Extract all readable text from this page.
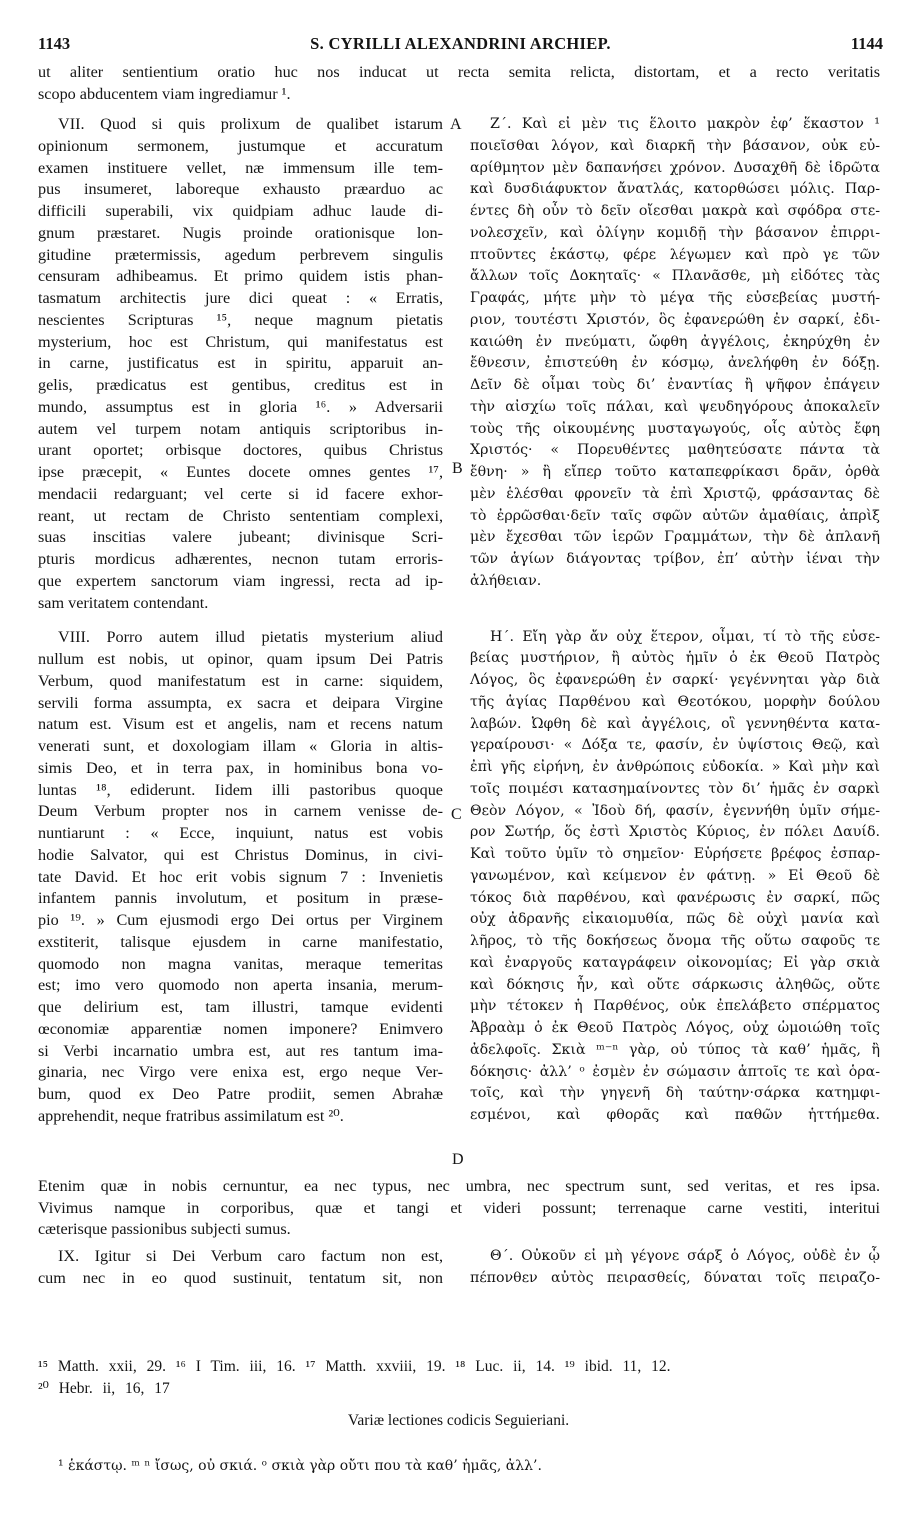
S. CYRILLI ALEXANDRINI ARCHIEP.
1143	1144
ut aliter sentientium oratio huc nos inducat ut recta semita relicta, distortam, et a recto veritatis
scopo abducentem viam ingrediamur ¹.
VII. Quod si quis prolixum de qualibet istarum
opinionum sermonem, justumque et accuratum
examen instituere vellet, næ immensum ille tem-
pus insumeret, laboreque exhausto præarduo ac
difficili superabili, vix quidpiam adhuc laude di-
gnum præstaret. Nugis proinde orationisque lon-
gitudine prætermissis, agedum perbrevem singulis
censuram adhibeamus. Et primo quidem istis phan-
tasmatum architectis jure dici queat : « Erratis,
nescientes Scripturas ¹⁵, neque magnum pietatis
mysterium, hoc est Christum, qui manifestatus est
in carne, justificatus est in spiritu, apparuit an-
gelis, prædicatus est gentibus, creditus est in
mundo, assumptus est in gloria ¹⁶. » Adversarii
autem vel turpem notam antiquis scriptoribus in-
urant oportet; orbisque doctores, quibus Christus
ipse præcepit, « Euntes docete omnes gentes ¹⁷,
mendacii redarguant; vel certe si id facere exhor-
reant, ut rectam de Christo sententiam complexi,
suas inscitias valere jubeant; divinisque Scri-
pturis mordicus adhærentes, necnon tutam erroris-
que expertem sanctorum viam ingressi, recta ad ip-
sam veritatem contendant.
VIII. Porro autem illud pietatis mysterium aliud
nullum est nobis, ut opinor, quam ipsum Dei Patris
Verbum, quod manifestatum est in carne: siquidem,
servili forma assumpta, ex sacra et deipara Virgine
natum est. Visum est et angelis, nam et recens natum
venerati sunt, et doxologiam illam « Gloria in altis-
simis Deo, et in terra pax, in hominibus bona vo-
luntas ¹⁸, ediderunt. Iidem illi pastoribus quoque
Deum Verbum propter nos in carnem venisse de-
nuntiarunt : « Ecce, inquiunt, natus est vobis
hodie Salvator, qui est Christus Dominus, in civi-
tate David. Et hoc erit vobis signum 7 : Invenietis
infantem pannis involutum, et positum in præse-
pio ¹⁹. » Cum ejusmodi ergo Dei ortus per Virginem
exstiterit, talisque ejusdem in carne manifestatio,
quomodo non magna vanitas, meraque temeritas
est; imo vero quomodo non aperta insania, merum-
que delirium est, tam illustri, tamque evidenti
œconomiæ apparentiæ nomen imponere? Enimvero
si Verbi incarnatio umbra est, aut res tantum ima-
ginaria, nec Virgo vere enixa est, ergo neque Ver-
bum, quod ex Deo Patre prodiit, semen Abrahæ
apprehendit, neque fratribus assimilatum est ²⁰.
Ζ΄. Καὶ εἰ μὲν τις ἕλοιτο μακρὸν ἐφ’ ἕκαστον ¹
ποιεῖσθαι λόγον, καὶ διαρκῆ τὴν βάσανον, οὐκ εὐ-
αρίθμητον μὲν δαπανήσει χρόνον. Δυσαχθῆ δὲ ἱδρῶτα
καὶ δυσδιάφυκτον ἄνατλάς, κατορθώσει μόλις. Παρ-
έντες δὴ οὖν τὸ δεῖν οἴεσθαι μακρὰ καὶ σφόδρα στε-
νολεσχεῖν, καὶ ὀλίγην κομιδῇ τὴν βάσανον ἐπιρρι-
πτοῦντες ἑκάστῳ, φέρε λέγωμεν καὶ πρὸ γε τῶν
ἄλλων τοῖς Δοκηταῖς· « Πλανᾶσθε, μὴ εἰδότες τὰς
Γραφάς, μήτε μὴν τὸ μέγα τῆς εὐσεβείας μυστή-
ριον, τουτέστι Χριστόν, ὃς ἐφανερώθη ἐν σαρκί, ἐδι-
καιώθη ἐν πνεύματι, ὤφθη ἀγγέλοις, ἐκηρύχθη ἐν
ἔθνεσιν, ἐπιστεύθη ἐν κόσμῳ, ἀνελήφθη ἐν δόξῃ.
Δεῖν δὲ οἶμαι τοὺς δι’ ἐναντίας ἢ ψῆφον ἐπάγειν
τὴν αἰσχίω τοῖς πάλαι, καὶ ψευδηγόρους ἀποκαλεῖν
τοὺς τῆς οἰκουμένης μυσταγωγούς, οἷς αὐτὸς ἔφη
Χριστός· « Πορευθέντες μαθητεύσατε πάντα τὰ
ἔθνη· » ἢ εἴπερ τοῦτο καταπεφρίκασι δρᾶν, ὀρθὰ
μὲν ἑλέσθαι φρονεῖν τὰ ἐπὶ Χριστῷ, φράσαντας δὲ
τὸ ἐρρῶσθαι·δεῖν ταῖς σφῶν αὐτῶν ἀμαθίαις, ἀπρὶξ
μὲν ἔχεσθαι τῶν ἱερῶν Γραμμάτων, τὴν δὲ ἀπλανῆ
τῶν ἁγίων διάγοντας τρίβον, ἐπ’ αὐτὴν ἰέναι τὴν
ἀλήθειαν.
Η΄. Εἴη γὰρ ἄν οὐχ ἕτερον, οἶμαι, τί τὸ τῆς εὐσε-
βείας μυστήριον, ἢ αὐτὸς ἡμῖν ὁ ἐκ Θεοῦ Πατρὸς
Λόγος, ὃς ἐφανερώθη ἐν σαρκί· γεγέννηται γὰρ διὰ
τῆς ἁγίας Παρθένου καὶ Θεοτόκου, μορφὴν δούλου
λαβών. Ὠφθη δὲ καὶ ἀγγέλοις, οἳ γεννηθέντα κατα-
γεραίρουσι· « Δόξα τε, φασίν, ἐν ὑψίστοις Θεῷ, καὶ
ἐπὶ γῆς εἰρήνη, ἐν ἀνθρώποις εὐδοκία. » Καὶ μὴν καὶ
τοῖς ποιμέσι κατασημαίνοντες τὸν δι’ ἡμᾶς ἐν σαρκὶ
Θεὸν Λόγον, « Ἰδοὺ δή, φασίν, ἐγεννήθη ὑμῖν σήμε-
ρον Σωτήρ, ὅς ἐστὶ Χριστὸς Κύριος, ἐν πόλει Δαυίδ.
Καὶ τοῦτο ὑμῖν τὸ σημεῖον· Εὑρήσετε βρέφος ἐσπαρ-
γανωμένον, καὶ κείμενον ἐν φάτνῃ. » Εἰ Θεοῦ δὲ
τόκος διὰ παρθένου, καὶ φανέρωσις ἐν σαρκί, πῶς
οὐχ ἀδρανῆς εἰκαιομυθία, πῶς δὲ οὐχὶ μανία καὶ
λῆρος, τὸ τῆς δοκήσεως ὄνομα τῆς οὕτω σαφοῦς τε
καὶ ἐναργοῦς καταγράφειν οἰκονομίας; Εἰ γὰρ σκιὰ
καὶ δόκησις ἦν, καὶ οὔτε σάρκωσις ἀληθῶς, οὔτε
μὴν τέτοκεν ἡ Παρθένος, οὐκ ἐπελάβετο σπέρματος
Ἀβραὰμ ὁ ἐκ Θεοῦ Πατρὸς Λόγος, οὐχ ὡμοιώθη τοῖς
ἀδελφοῖς. Σκιὰ ᵐ⁻ⁿ γὰρ, οὐ τύπος τὰ καθ’ ἡμᾶς, ἢ
δόκησις· ἀλλ’ ᵒ ἐσμὲν ἐν σώμασιν ἁπτοῖς τε καὶ ὁρα-
τοῖς, καὶ τὴν γηγενῆ δὴ ταύτην·σάρκα κατημφι-
εσμένοι, καὶ φθορᾶς καὶ παθῶν ἡττήμεθα.
A
B
C
D
Etenim quæ in nobis cernuntur, ea nec typus, nec umbra, nec spectrum sunt, sed veritas, et res ipsa.
Vivimus namque in corporibus, quæ et tangi et videri possunt; terrenaque carne vestiti, interitui
cæterisque passionibus subjecti sumus.
IX. Igitur si Dei Verbum caro factum non est,
cum nec in eo quod sustinuit, tentatum sit, non
Θ΄. Οὐκοῦν εἰ μὴ γέγονε σάρξ ὁ Λόγος, οὐδὲ ἐν ᾧ
πέπονθεν αὐτὸς πειρασθείς, δύναται τοῖς πειραζο-
¹⁵ Matth. xxii, 29. ¹⁶ I Tim. iii, 16. ¹⁷ Matth. xxviii, 19. ¹⁸ Luc. ii, 14. ¹⁹ ibid. 11, 12.
²⁰ Hebr. ii, 16, 17
Variæ lectiones codicis Seguieriani.
¹ ἑκάστῳ. ᵐ ⁿ ἴσως, οὐ σκιά. ᵒ σκιὰ γὰρ οὔτι που τὰ καθ’ ἡμᾶς, ἀλλ’.
